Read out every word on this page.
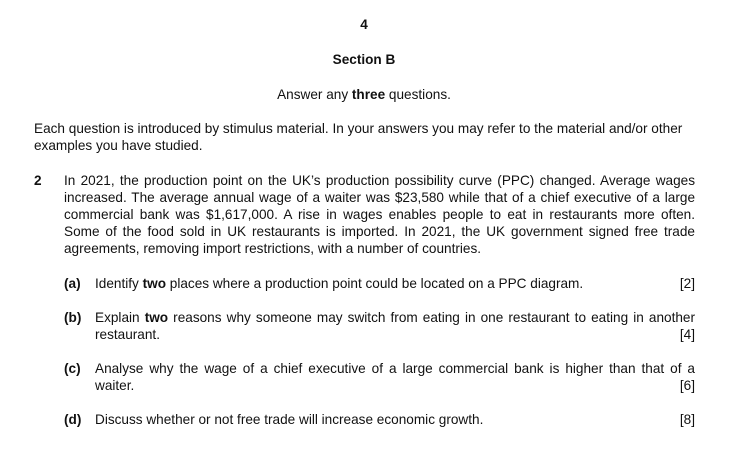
4
Section B
Answer any three questions.
Each question is introduced by stimulus material. In your answers you may refer to the material and/or other examples you have studied.
2 In 2021, the production point on the UK’s production possibility curve (PPC) changed. Average wages increased. The average annual wage of a waiter was $23,580 while that of a chief executive of a large commercial bank was $1,617,000. A rise in wages enables people to eat in restaurants more often. Some of the food sold in UK restaurants is imported. In 2021, the UK government signed free trade agreements, removing import restrictions, with a number of countries.
(a) Identify two places where a production point could be located on a PPC diagram.	[2]
(b) Explain two reasons why someone may switch from eating in one restaurant to eating in another restaurant.	[4]
(c) Analyse why the wage of a chief executive of a large commercial bank is higher than that of a waiter.	[6]
(d) Discuss whether or not free trade will increase economic growth.	[8]
